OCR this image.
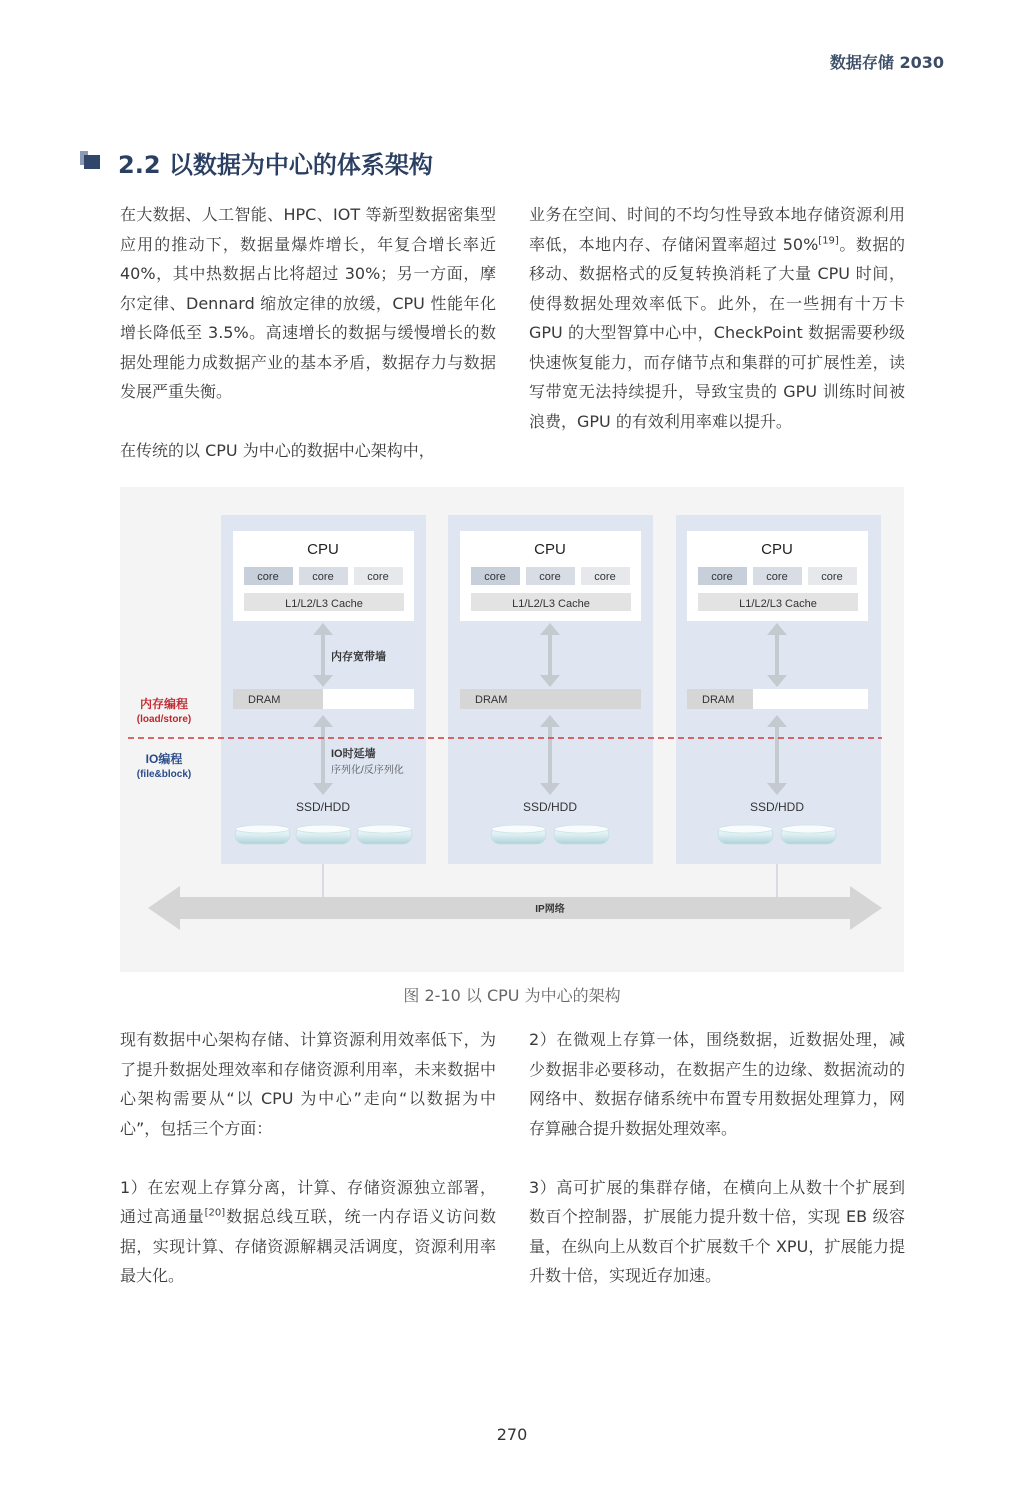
数据存储 2030
2.2 以数据为中心的体系架构

在大数据、人工智能、HPC、IOT 等新型数据密集型应用的推动下，数据量爆炸增长，年复合增长率近 40%，其中热数据占比将超过 30%；另一方面，摩尔定律、Dennard 缩放定律的放缓，CPU 性能年化增长降低至 3.5%。高速增长的数据与缓慢增长的数据处理能力成数据产业的基本矛盾，数据存力与数据发展严重失衡。

在传统的以 CPU 为中心的数据中心架构中，

业务在空间、时间的不均匀性导致本地存储资源利用率低，本地内存、存储闲置率超过 50%[19]。数据的移动、数据格式的反复转换消耗了大量 CPU 时间，使得数据处理效率低下。此外，在一些拥有十万卡 GPU 的大型智算中心中，CheckPoint 数据需要秒级快速恢复能力，而存储节点和集群的可扩展性差，读写带宽无法持续提升，导致宝贵的 GPU 训练时间被浪费，GPU 的有效利用率难以提升。

CPU
core	core	core
L1/L2/L3 Cache
DRAM
SSD/HDD
内存宽带墙
IO时延墙
序列化/反序列化
CPU
core	core	core
L1/L2/L3 Cache
DRAM
SSD/HDD
CPU
core	core	core
L1/L2/L3 Cache
DRAM
SSD/HDD
内存编程
(load/store)
IO编程
(file&block)
IP网络
图 2-10 以 CPU 为中心的架构

现有数据中心架构存储、计算资源利用效率低下，为了提升数据处理效率和存储资源利用率，未来数据中心架构需要从“以 CPU 为中心”走向“以数据为中心”，包括三个方面：

1）在宏观上存算分离，计算、存储资源独立部署，通过高通量[20]数据总线互联，统一内存语义访问数据，实现计算、存储资源解耦灵活调度，资源利用率最大化。

2）在微观上存算一体，围绕数据，近数据处理，减少数据非必要移动，在数据产生的边缘、数据流动的网络中、数据存储系统中布置专用数据处理算力，网存算融合提升数据处理效率。

3）高可扩展的集群存储，在横向上从数十个扩展到数百个控制器，扩展能力提升数十倍，实现 EB 级容量，在纵向上从数百个扩展数千个 XPU，扩展能力提升数十倍，实现近存加速。

270
